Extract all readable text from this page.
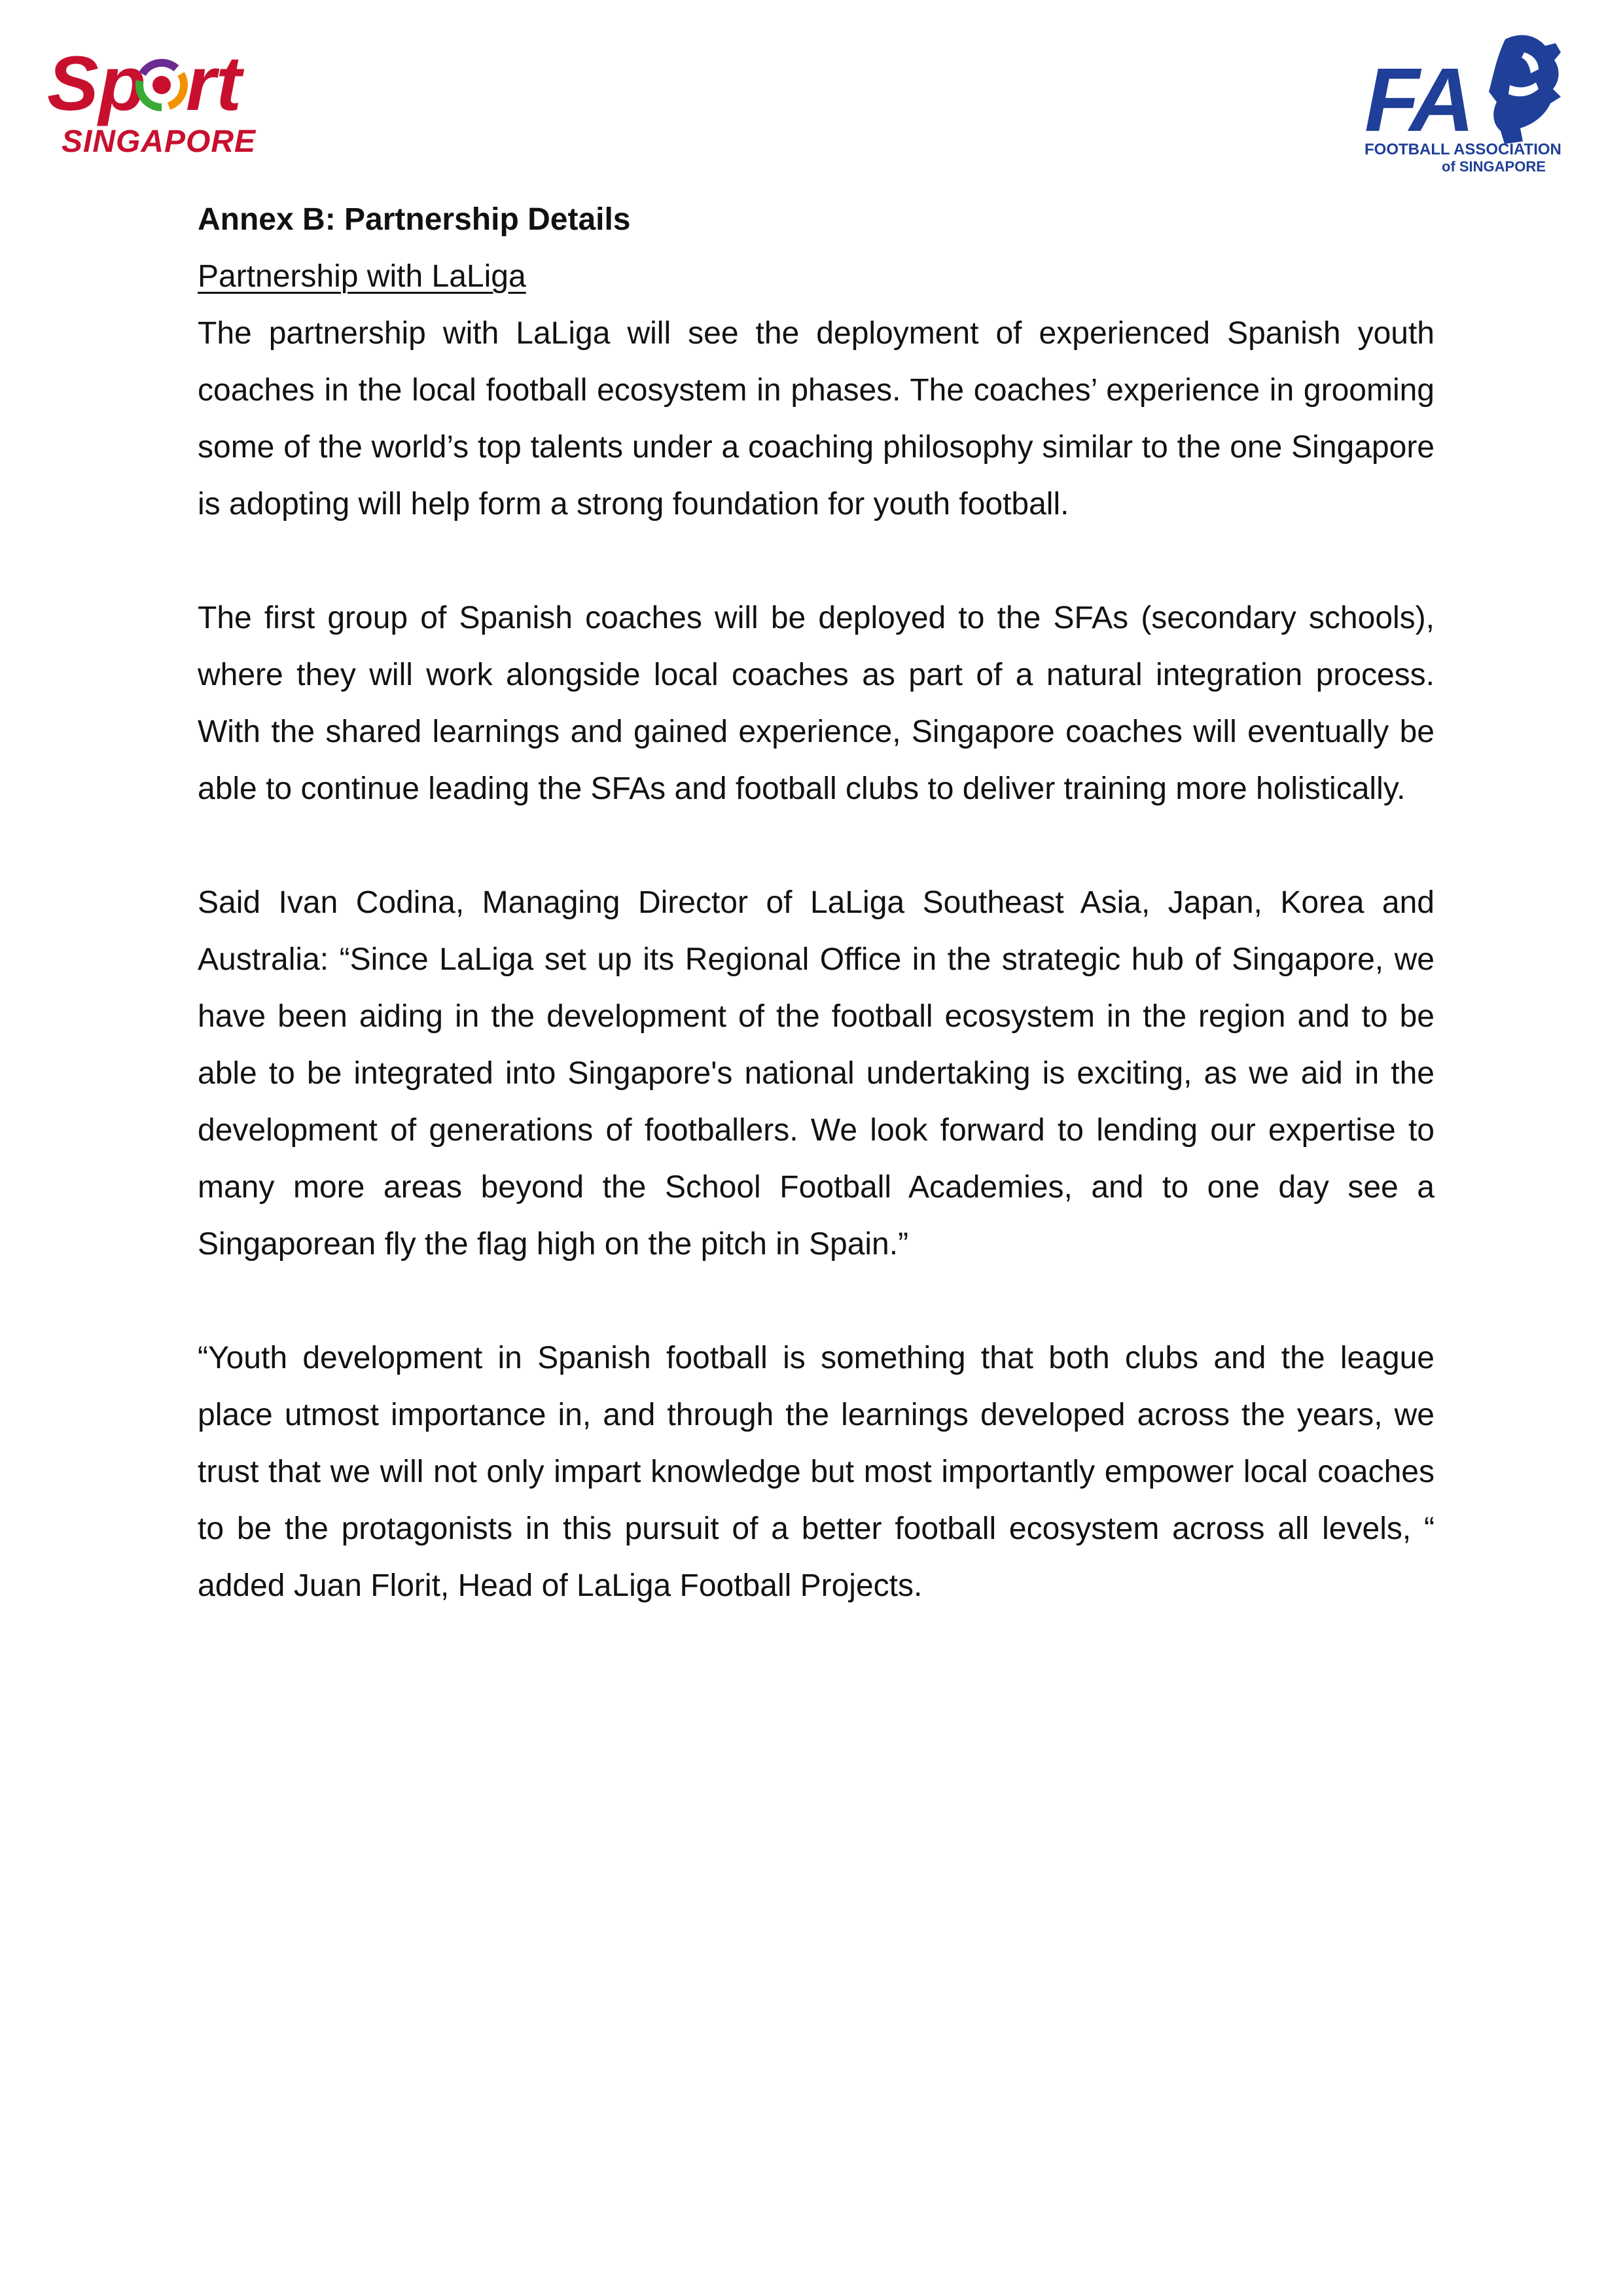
Sp rt
SINGAPORE	FA
FOOTBALL ASSOCIATION
of SINGAPORE

Annex B: Partnership Details

Partnership with LaLiga

The partnership with LaLiga will see the deployment of experienced Spanish youth coaches in the local football ecosystem in phases. The coaches’ experience in grooming some of the world’s top talents under a coaching philosophy similar to the one Singapore is adopting will help form a strong foundation for youth football.

The first group of Spanish coaches will be deployed to the SFAs (secondary schools), where they will work alongside local coaches as part of a natural integration process. With the shared learnings and gained experience, Singapore coaches will eventually be able to continue leading the SFAs and football clubs to deliver training more holistically.

Said Ivan Codina, Managing Director of LaLiga Southeast Asia, Japan, Korea and Australia: “Since LaLiga set up its Regional Office in the strategic hub of Singapore, we have been aiding in the development of the football ecosystem in the region and to be able to be integrated into Singapore's national undertaking is exciting, as we aid in the development of generations of footballers. We look forward to lending our expertise to many more areas beyond the School Football Academies, and to one day see a Singaporean fly the flag high on the pitch in Spain.”

“Youth development in Spanish football is something that both clubs and the league place utmost importance in, and through the learnings developed across the years, we trust that we will not only impart knowledge but most importantly empower local coaches to be the protagonists in this pursuit of a better football ecosystem across all levels, “ added Juan Florit, Head of LaLiga Football Projects.
